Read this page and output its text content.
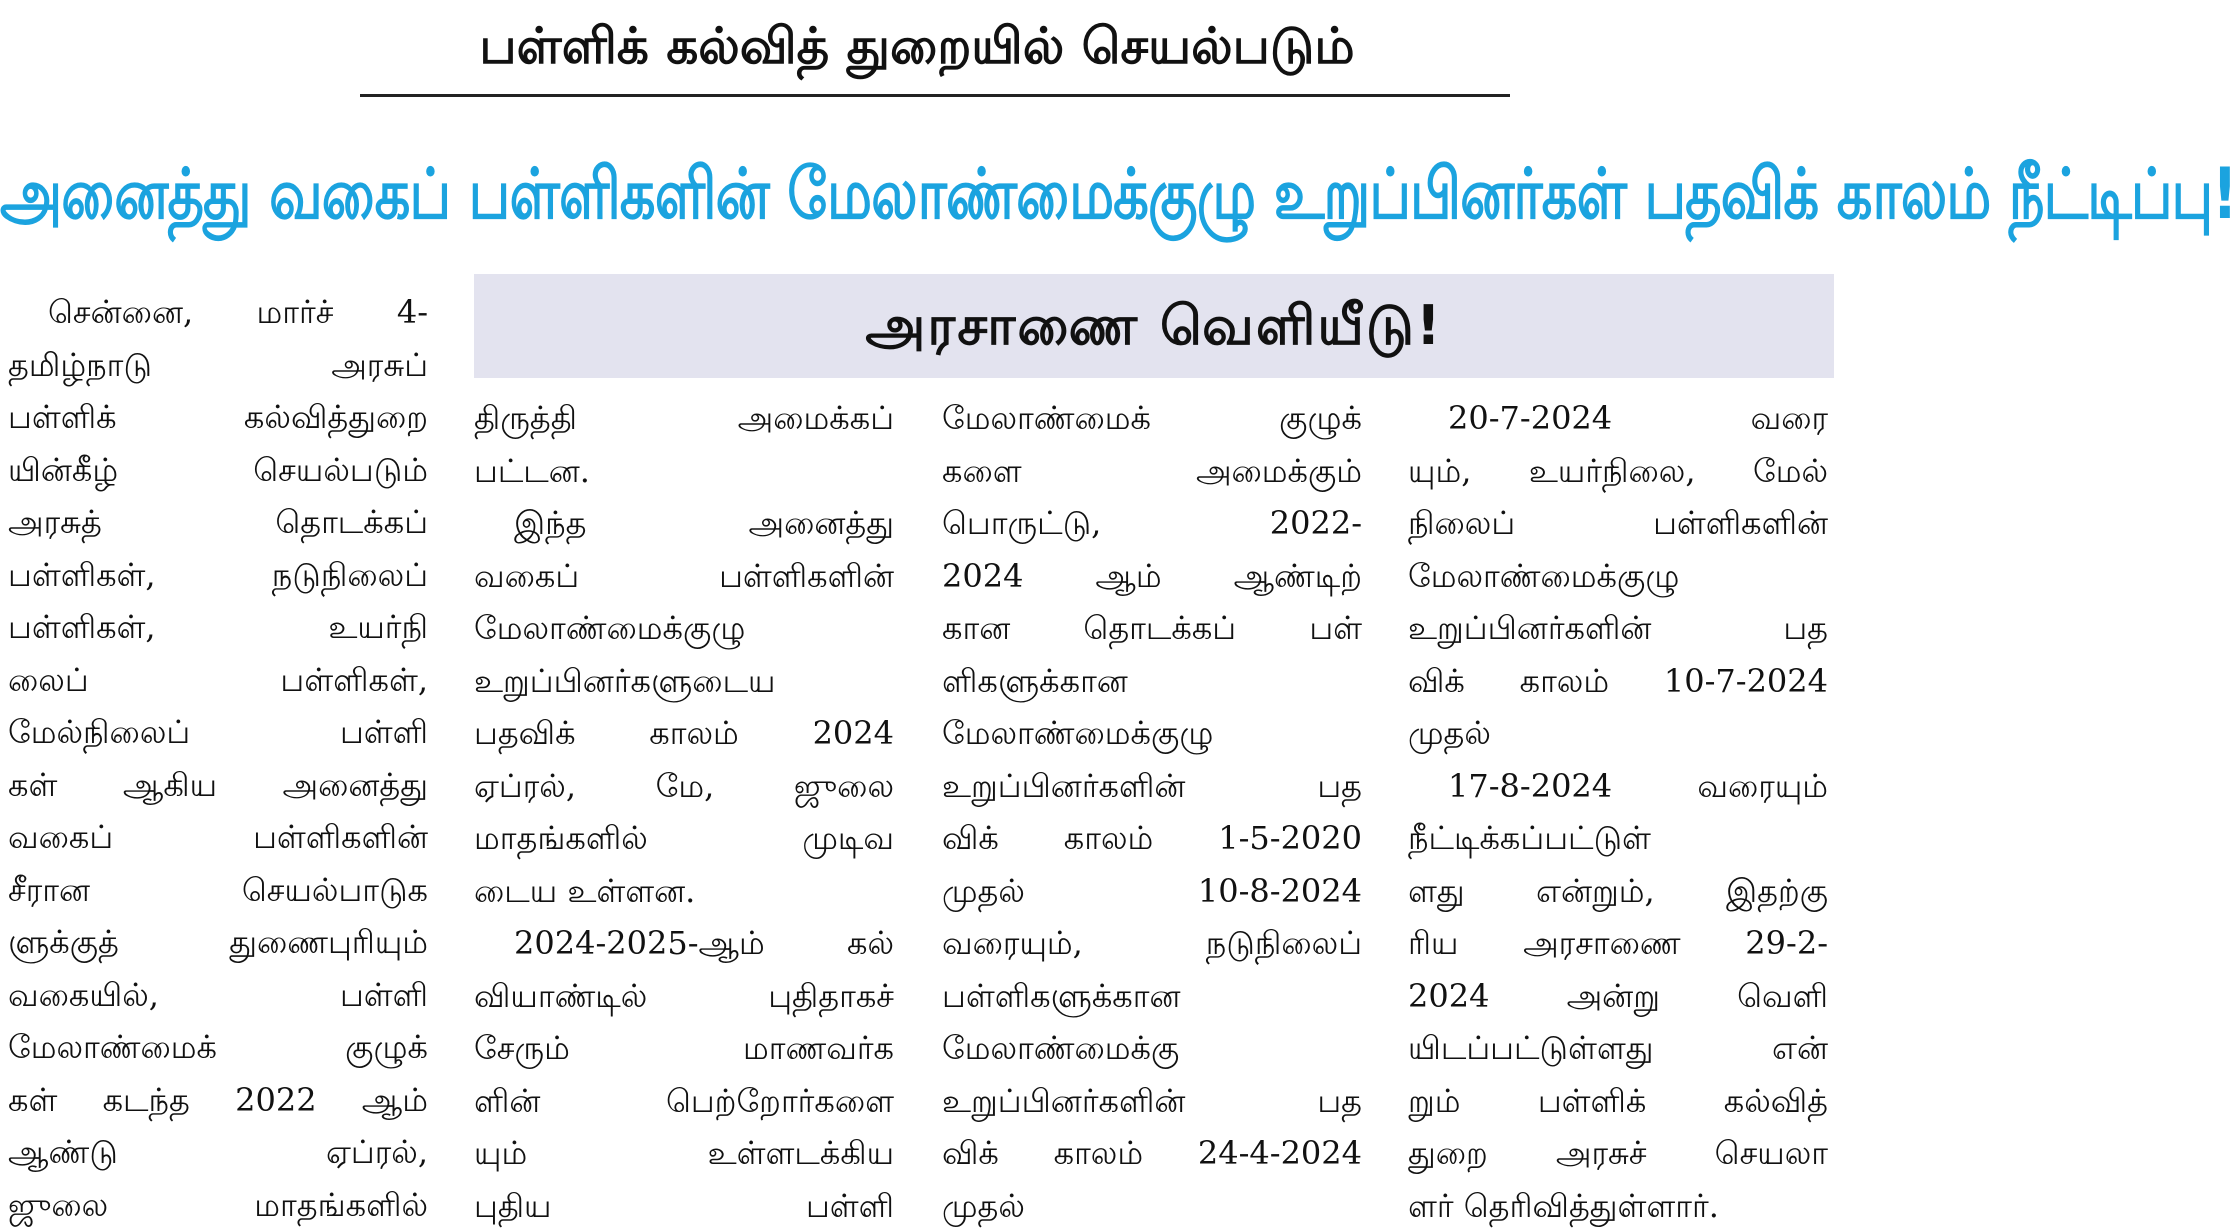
பள்ளிக் கல்வித் துறையில் செயல்படும்
அனைத்து வகைப் பள்ளிகளின் மேலாண்மைக்குழு உறுப்பினர்கள் பதவிக் காலம் நீட்டிப்பு!
அரசாணை வெளியீடு!
சென்னை, மார்ச் 4-
தமிழ்நாடு அரசுப்
பள்ளிக் கல்வித்துறை
யின்கீழ் செயல்படும்
அரசுத் தொடக்கப்
பள்ளிகள், நடுநிலைப்
பள்ளிகள், உயர்நி
லைப் பள்ளிகள்,
மேல்நிலைப் பள்ளி
கள் ஆகிய அனைத்து
வகைப் பள்ளிகளின்
சீரான செயல்பாடுக
ளுக்குத் துணைபுரியும்
வகையில், பள்ளி
மேலாண்மைக் குழுக்
கள் கடந்த 2022 ஆம்
ஆண்டு ஏப்ரல்,
ஜுலை மாதங்களில்
திருத்தி அமைக்கப்
பட்டன.
இந்த அனைத்து
வகைப் பள்ளிகளின்
மேலாண்மைக்குழு
உறுப்பினர்களுடைய
பதவிக் காலம் 2024
ஏப்ரல், மே, ஜுலை
மாதங்களில் முடிவ
டைய உள்ளன.
2024-2025-ஆம் கல்
வியாண்டில் புதிதாகச்
சேரும் மாணவர்க
ளின் பெற்றோர்களை
யும் உள்ளடக்கிய
புதிய பள்ளி
மேலாண்மைக் குழுக்
களை அமைக்கும்
பொருட்டு, 2022-
2024 ஆம் ஆண்டிற்
கான தொடக்கப் பள்
ளிகளுக்கான
மேலாண்மைக்குழு
உறுப்பினர்களின் பத
விக் காலம் 1-5-2020
முதல் 10-8-2024
வரையும், நடுநிலைப்
பள்ளிகளுக்கான
மேலாண்மைக்கு
உறுப்பினர்களின் பத
விக் காலம் 24-4-2024
முதல்
20-7-2024 வரை
யும், உயர்நிலை, மேல்
நிலைப் பள்ளிகளின்
மேலாண்மைக்குழு
உறுப்பினர்களின் பத
விக் காலம் 10-7-2024
முதல்
17-8-2024 வரையும்
நீட்டிக்கப்பட்டுள்
ளது என்றும், இதற்கு
ரிய அரசாணை 29-2-
2024 அன்று வெளி
யிடப்பட்டுள்ளது என்
றும் பள்ளிக் கல்வித்
துறை அரசுச் செயலா
ளர் தெரிவித்துள்ளார்.
